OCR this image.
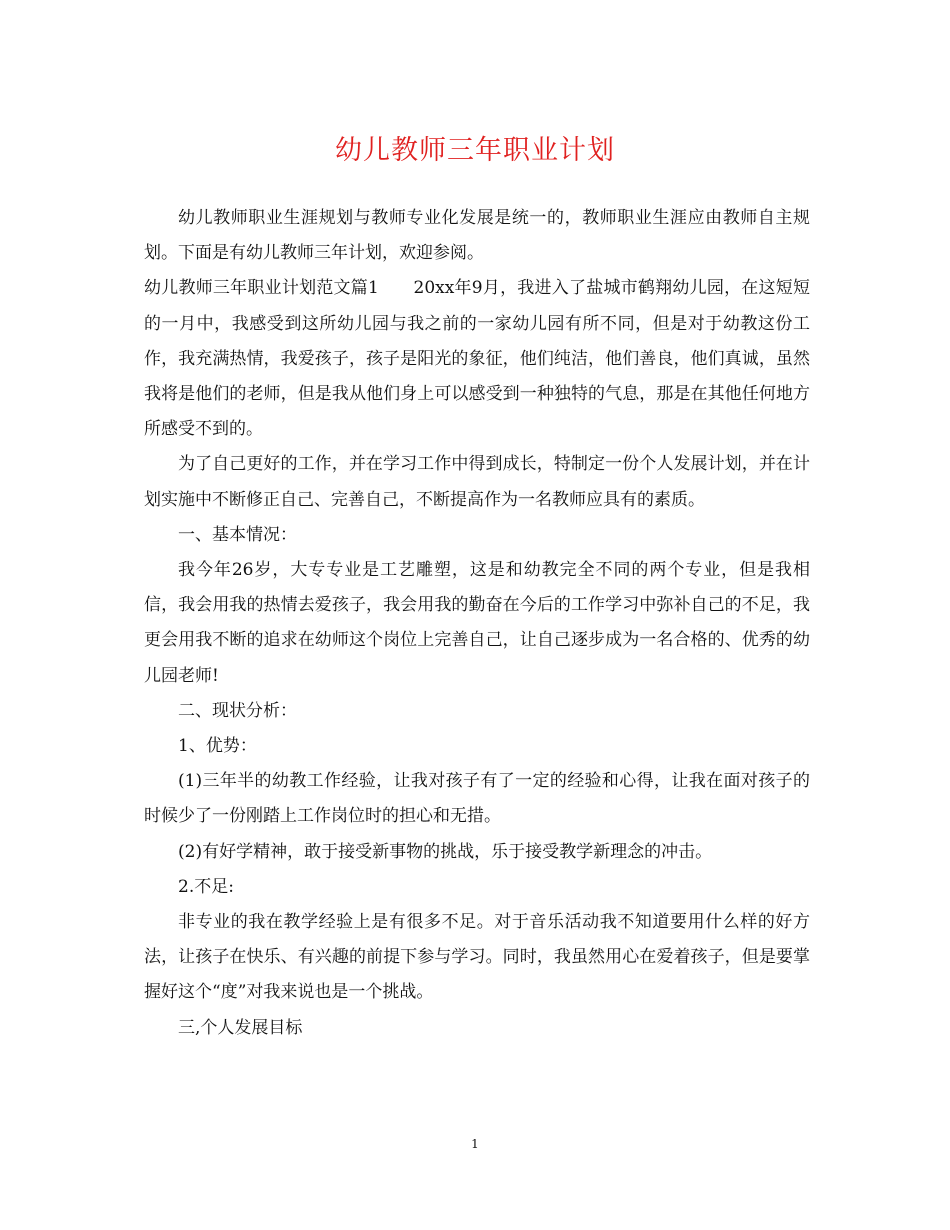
幼儿教师三年职业计划

幼儿教师职业生涯规划与教师专业化发展是统一的，教师职业生涯应由教师自主规划。下面是有幼儿教师三年计划，欢迎参阅。

幼儿教师三年职业计划范文篇1　　20xx年9月，我进入了盐城市鹤翔幼儿园，在这短短的一月中，我感受到这所幼儿园与我之前的一家幼儿园有所不同，但是对于幼教这份工作，我充满热情，我爱孩子，孩子是阳光的象征，他们纯洁，他们善良，他们真诚，虽然我将是他们的老师，但是我从他们身上可以感受到一种独特的气息，那是在其他任何地方所感受不到的。

为了自己更好的工作，并在学习工作中得到成长，特制定一份个人发展计划，并在计划实施中不断修正自己、完善自己，不断提高作为一名教师应具有的素质。

一、基本情况：

我今年26岁，大专专业是工艺雕塑，这是和幼教完全不同的两个专业，但是我相信，我会用我的热情去爱孩子，我会用我的勤奋在今后的工作学习中弥补自己的不足，我更会用我不断的追求在幼师这个岗位上完善自己，让自己逐步成为一名合格的、优秀的幼儿园老师!

二、现状分析：

1、优势：

(1)三年半的幼教工作经验，让我对孩子有了一定的经验和心得，让我在面对孩子的时候少了一份刚踏上工作岗位时的担心和无措。

(2)有好学精神，敢于接受新事物的挑战，乐于接受教学新理念的冲击。

2.不足:

非专业的我在教学经验上是有很多不足。对于音乐活动我不知道要用什么样的好方法，让孩子在快乐、有兴趣的前提下参与学习。同时，我虽然用心在爱着孩子，但是要掌握好这个“度”对我来说也是一个挑战。

三,个人发展目标

1
